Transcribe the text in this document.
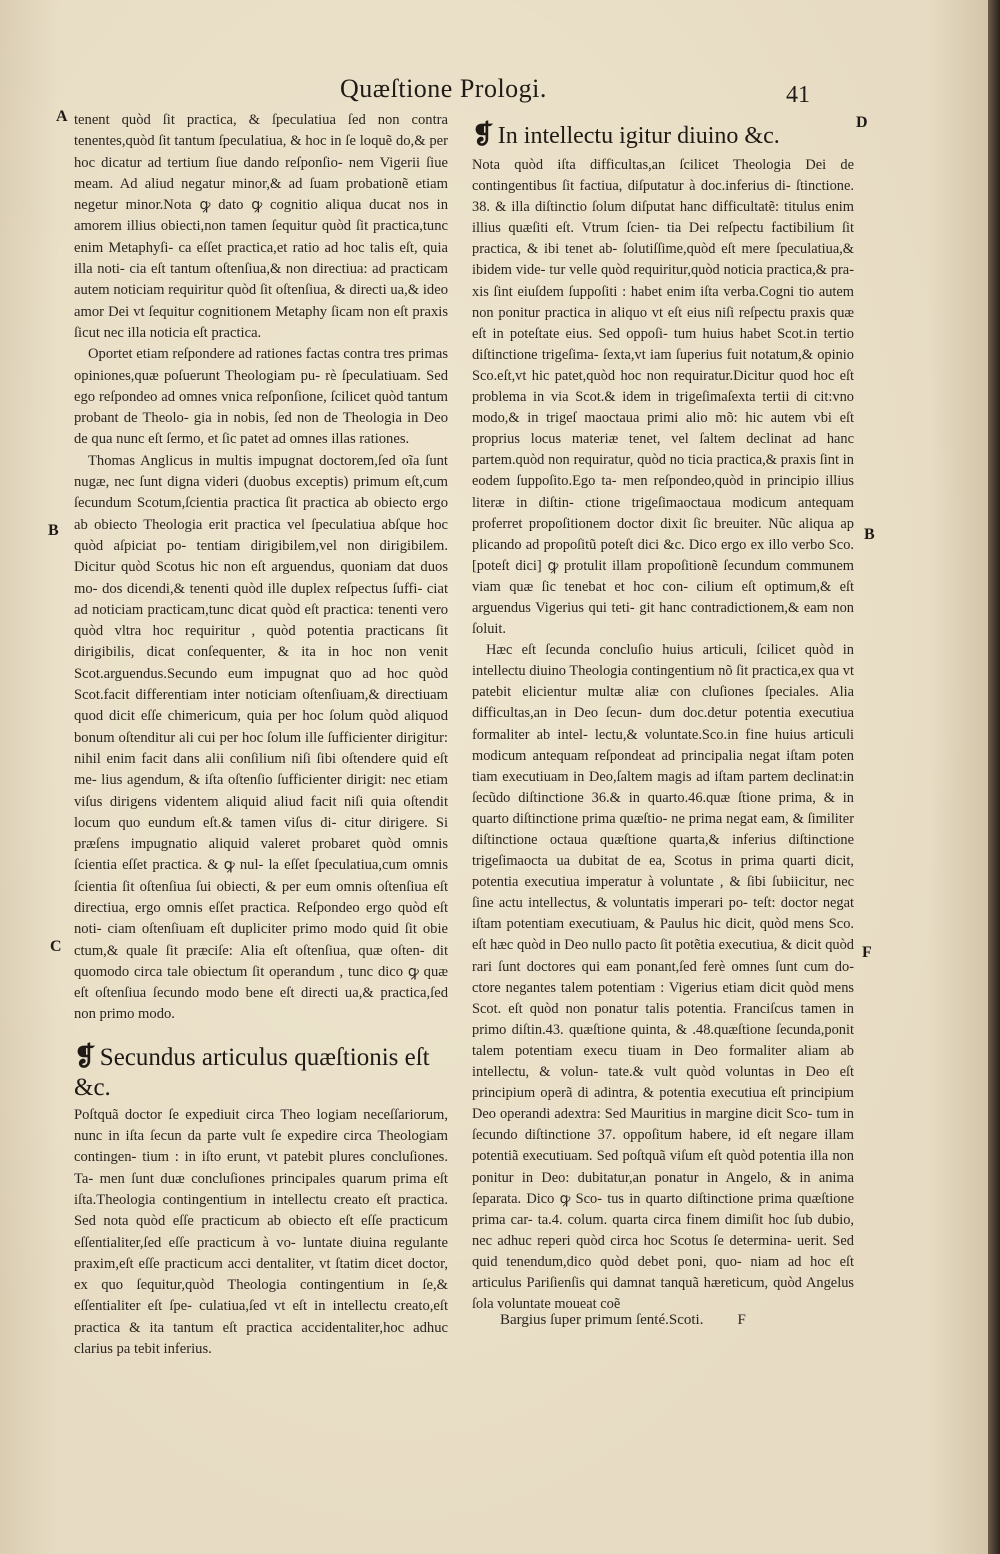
Quæſtione Prologi.	41
A
B
C
D
B
F

tenent quòd ſit practica, & ſpeculatiua ſed non contra tenentes,quòd ſit tantum ſpeculatiua, & hoc in ſe loquẽ do,& per hoc dicatur ad tertium ſiue dando reſponſio- nem Vigerii ſiue meam. Ad aliud negatur minor,& ad ſuam probationẽ etiam negetur minor.Nota ꝙ dato ꝙ cognitio aliqua ducat nos in amorem illius obiecti,non tamen ſequitur quòd ſit practica,tunc enim Metaphyſi- ca eſſet practica,et ratio ad hoc talis eſt, quia illa noti- cia eſt tantum oſtenſiua,& non directiua: ad practicam autem noticiam requiritur quòd ſit oſtenſiua, & directi ua,& ideo amor Dei vt ſequitur cognitionem Metaphy ſicam non eſt praxis ſicut nec illa noticia eſt practica.

Oportet etiam reſpondere ad rationes factas contra tres primas opiniones,quæ poſuerunt Theologiam pu- rè ſpeculatiuam. Sed ego reſpondeo ad omnes vnica reſponſione, ſcilicet quòd tantum probant de Theolo- gia in nobis, ſed non de Theologia in Deo de qua nunc eſt ſermo, et ſic patet ad omnes illas rationes.

Thomas Anglicus in multis impugnat doctorem,ſed oĩa ſunt nugæ, nec ſunt digna videri (duobus exceptis) primum eſt,cum ſecundum Scotum,ſcientia practica ſit practica ab obiecto ergo ab obiecto Theologia erit practica vel ſpeculatiua abſque hoc quòd aſpiciat po- tentiam dirigibilem,vel non dirigibilem. Dicitur quòd Scotus hic non eſt arguendus, quoniam dat duos mo- dos dicendi,& tenenti quòd ille duplex reſpectus ſuffi- ciat ad noticiam practicam,tunc dicat quòd eſt practica: tenenti vero quòd vltra hoc requiritur , quòd potentia practicans ſit dirigibilis, dicat conſequenter, & ita in hoc non venit Scot.arguendus.Secundo eum impugnat quo ad hoc quòd Scot.facit differentiam inter noticiam oſtenſiuam,& directiuam quod dicit eſſe chimericum, quia per hoc ſolum quòd aliquod bonum oſtenditur ali cui per hoc ſolum ille ſufficienter dirigitur: nihil enim facit dans alii conſilium niſi ſibi oſtendere quid eſt me- lius agendum, & iſta oſtenſio ſufficienter dirigit: nec etiam viſus dirigens videntem aliquid aliud facit niſi quia oſtendit locum quo eundum eſt.& tamen viſus di- citur dirigere. Si præſens impugnatio aliquid valeret probaret quòd omnis ſcientia eſſet practica. & ꝙ nul- la eſſet ſpeculatiua,cum omnis ſcientia ſit oſtenſiua ſui obiecti, & per eum omnis oſtenſiua eſt directiua, ergo omnis eſſet practica. Reſpondeo ergo quòd eſt noti- ciam oſtenſiuam eſt dupliciter primo modo quid ſit obie ctum,& quale ſit præciſe: Alia eſt oſtenſiua, quæ oſten- dit quomodo circa tale obiectum ſit operandum , tunc dico ꝙ quæ eſt oſtenſiua ſecundo modo bene eſt directi ua,& practica,ſed non primo modo.

❡ Secundus articulus quæſtionis eſt &c.

Poſtquã doctor ſe expediuit circa Theo logiam neceſſariorum, nunc in iſta ſecun da parte vult ſe expedire circa Theologiam contingen- tium : in iſto erunt, vt patebit plures concluſiones. Ta- men ſunt duæ concluſiones principales quarum prima eſt iſta.Theologia contingentium in intellectu creato eſt practica. Sed nota quòd eſſe practicum ab obiecto eſt eſſe practicum eſſentialiter,ſed eſſe practicum à vo- luntate diuina regulante praxim,eſt eſſe practicum acci dentaliter, vt ſtatim dicet doctor, ex quo ſequitur,quòd Theologia contingentium in ſe,& eſſentialiter eſt ſpe- culatiua,ſed vt eſt in intellectu creato,eſt practica & ita tantum eſt practica accidentaliter,hoc adhuc clarius pa tebit inferius.

❡ In intellectu igitur diuino &c.

Nota quòd iſta difficultas,an ſcilicet Theologia Dei de contingentibus ſit factiua, diſputatur à doc.inferius di- ſtinctione. 38. & illa diſtinctio ſolum diſputat hanc difficultatẽ: titulus enim illius quæſiti eſt. Vtrum ſcien- tia Dei reſpectu factibilium ſit practica, & ibi tenet ab- ſolutiſſime,quòd eſt mere ſpeculatiua,& ibidem vide- tur velle quòd requiritur,quòd noticia practica,& pra- xis ſint eiuſdem ſuppoſiti : habet enim iſta verba.Cogni tio autem non ponitur practica in aliquo vt eſt eius niſi reſpectu praxis quæ eſt in poteſtate eius. Sed oppoſi- tum huius habet Scot.in tertio diſtinctione trigeſima- ſexta,vt iam ſuperius fuit notatum,& opinio Sco.eſt,vt hic patet,quòd hoc non requiratur.Dicitur quod hoc eſt problema in via Scot.& idem in trigeſimaſexta tertii di cit:vno modo,& in trigeſ maoctaua primi alio mõ: hic autem vbi eſt proprius locus materiæ tenet, vel ſaltem declinat ad hanc partem.quòd non requiratur, quòd no ticia practica,& praxis ſint in eodem ſuppoſito.Ego ta- men reſpondeo,quòd in principio illius literæ in diſtin- ctione trigeſimaoctaua modicum antequam proferret propoſitionem doctor dixit ſic breuiter. Nũc aliqua ap plicando ad propoſitũ poteſt dici &c. Dico ergo ex illo verbo Sco.[poteſt dici] ꝙ protulit illam propoſitionẽ ſecundum communem viam quæ ſic tenebat et hoc con- cilium eſt optimum,& eſt arguendus Vigerius qui teti- git hanc contradictionem,& eam non ſoluit.

Hæc eſt ſecunda concluſio huius articuli, ſcilicet quòd in intellectu diuino Theologia contingentium nõ ſit practica,ex qua vt patebit elicientur multæ aliæ con cluſiones ſpeciales. Alia difficultas,an in Deo ſecun- dum doc.detur potentia executiua formaliter ab intel- lectu,& voluntate.Sco.in fine huius articuli modicum antequam reſpondeat ad principalia negat iſtam poten tiam executiuam in Deo,ſaltem magis ad iſtam partem declinat:in ſecũdo diſtinctione 36.& in quarto.46.quæ ſtione prima, & in quarto diſtinctione prima quæſtio- ne prima negat eam, & ſimiliter diſtinctione octaua quæſtione quarta,& inferius diſtinctione trigeſimaocta ua dubitat de ea, Scotus in prima quarti dicit, potentia executiua imperatur à voluntate , & ſibi ſubiicitur, nec ſine actu intellectus, & voluntatis imperari po- teſt: doctor negat iſtam potentiam executiuam, & Paulus hic dicit, quòd mens Sco. eſt hæc quòd in Deo nullo pacto ſit potẽtia executiua, & dicit quòd rari ſunt doctores qui eam ponant,ſed ferè omnes ſunt cum do- ctore negantes talem potentiam : Vigerius etiam dicit quòd mens Scot. eſt quòd non ponatur talis potentia. Franciſcus tamen in primo diſtin.43. quæſtione quinta, & .48.quæſtione ſecunda,ponit talem potentiam execu tiuam in Deo formaliter aliam ab intellectu, & volun- tate.& vult quòd voluntas in Deo eſt principium operã di adintra, & potentia executiua eſt principium Deo operandi adextra: Sed Mauritius in margine dicit Sco- tum in ſecundo diſtinctione 37. oppoſitum habere, id eſt negare illam potentiã executiuam. Sed poſtquã viſum eſt quòd potentia illa non ponitur in Deo: dubitatur,an ponatur in Angelo, & in anima ſeparata. Dico ꝙ Sco- tus in quarto diſtinctione prima quæſtione prima car- ta.4. colum. quarta circa finem dimiſit hoc ſub dubio, nec adhuc reperi quòd circa hoc Scotus ſe determina- uerit. Sed quid tenendum,dico quòd debet poni, quo- niam ad hoc eſt articulus Pariſienſis qui damnat tanquã hæreticum, quòd Angelus ſola voluntate moueat coẽ

Bargius ſuper primum ſenté.Scoti. F
